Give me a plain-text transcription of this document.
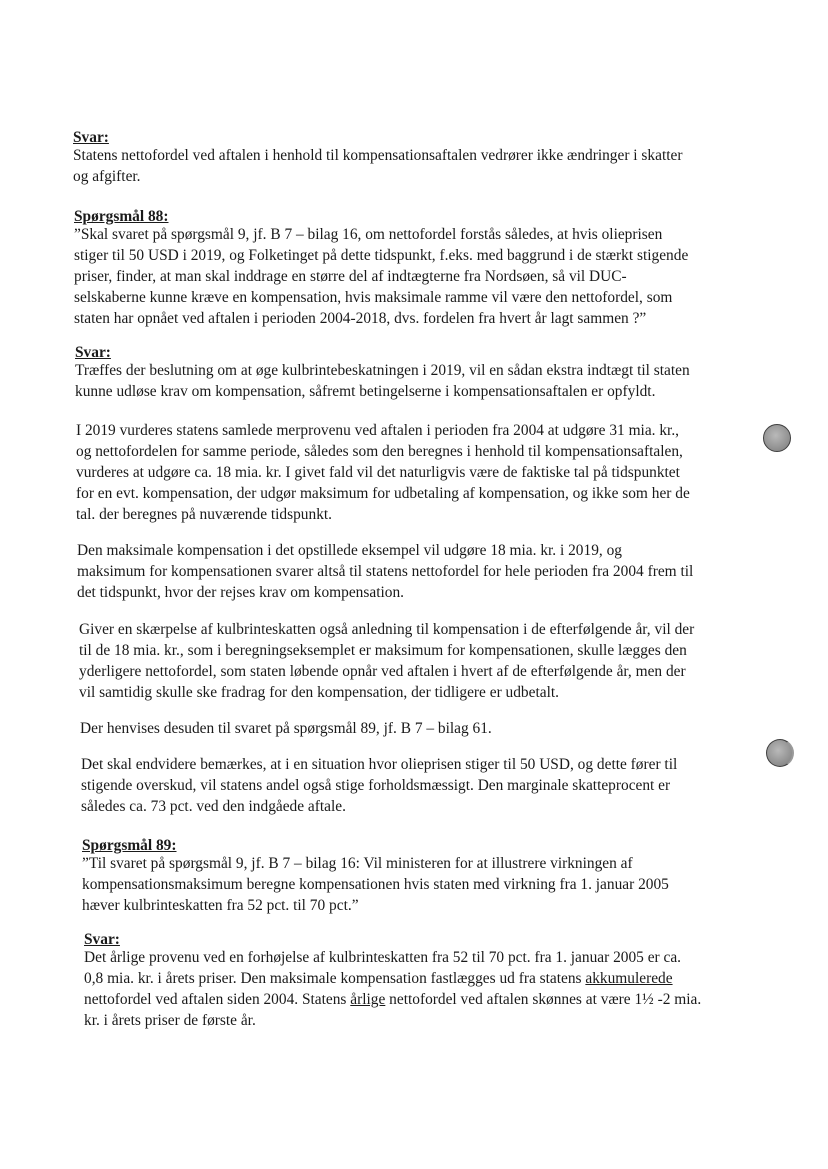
Svar:
Statens nettofordel ved aftalen i henhold til kompensationsaftalen vedrører ikke ændringer i skatter
og afgifter.
Spørgsmål 88:
”Skal svaret på spørgsmål 9, jf. B 7 – bilag 16, om nettofordel forstås således, at hvis olieprisen
stiger til 50 USD i 2019, og Folketinget på dette tidspunkt, f.eks. med baggrund i de stærkt stigende
priser, finder, at man skal inddrage en større del af indtægterne fra Nordsøen, så vil DUC-
selskaberne kunne kræve en kompensation, hvis maksimale ramme vil være den nettofordel, som
staten har opnået ved aftalen i perioden 2004-2018, dvs. fordelen fra hvert år lagt sammen ?”
Svar:
Træffes der beslutning om at øge kulbrintebeskatningen i 2019, vil en sådan ekstra indtægt til staten
kunne udløse krav om kompensation, såfremt betingelserne i kompensationsaftalen er opfyldt.
I 2019 vurderes statens samlede merprovenu ved aftalen i perioden fra 2004 at udgøre 31 mia. kr.,
og nettofordelen for samme periode, således som den beregnes i henhold til kompensationsaftalen,
vurderes at udgøre ca. 18 mia. kr. I givet fald vil det naturligvis være de faktiske tal på tidspunktet
for en evt. kompensation, der udgør maksimum for udbetaling af kompensation, og ikke som her de
tal. der beregnes på nuværende tidspunkt.
Den maksimale kompensation i det opstillede eksempel vil udgøre 18 mia. kr. i 2019, og
maksimum for kompensationen svarer altså til statens nettofordel for hele perioden fra 2004 frem til
det tidspunkt, hvor der rejses krav om kompensation.
Giver en skærpelse af kulbrinteskatten også anledning til kompensation i de efterfølgende år, vil der
til de 18 mia. kr., som i beregningseksemplet er maksimum for kompensationen, skulle lægges den
yderligere nettofordel, som staten løbende opnår ved aftalen i hvert af de efterfølgende år, men der
vil samtidig skulle ske fradrag for den kompensation, der tidligere er udbetalt.
Der henvises desuden til svaret på spørgsmål 89, jf. B 7 – bilag 61.
Det skal endvidere bemærkes, at i en situation hvor olieprisen stiger til 50 USD, og dette fører til
stigende overskud, vil statens andel også stige forholdsmæssigt. Den marginale skatteprocent er
således ca. 73 pct. ved den indgåede aftale.
Spørgsmål 89:
”Til svaret på spørgsmål 9, jf. B 7 – bilag 16: Vil ministeren for at illustrere virkningen af
kompensationsmaksimum beregne kompensationen hvis staten med virkning fra 1. januar 2005
hæver kulbrinteskatten fra 52 pct. til 70 pct.”
Svar:
Det årlige provenu ved en forhøjelse af kulbrinteskatten fra 52 til 70 pct. fra 1. januar 2005 er ca.
0,8 mia. kr. i årets priser. Den maksimale kompensation fastlægges ud fra statens akkumulerede
nettofordel ved aftalen siden 2004. Statens årlige nettofordel ved aftalen skønnes at være 1½ -2 mia.
kr. i årets priser de første år.
